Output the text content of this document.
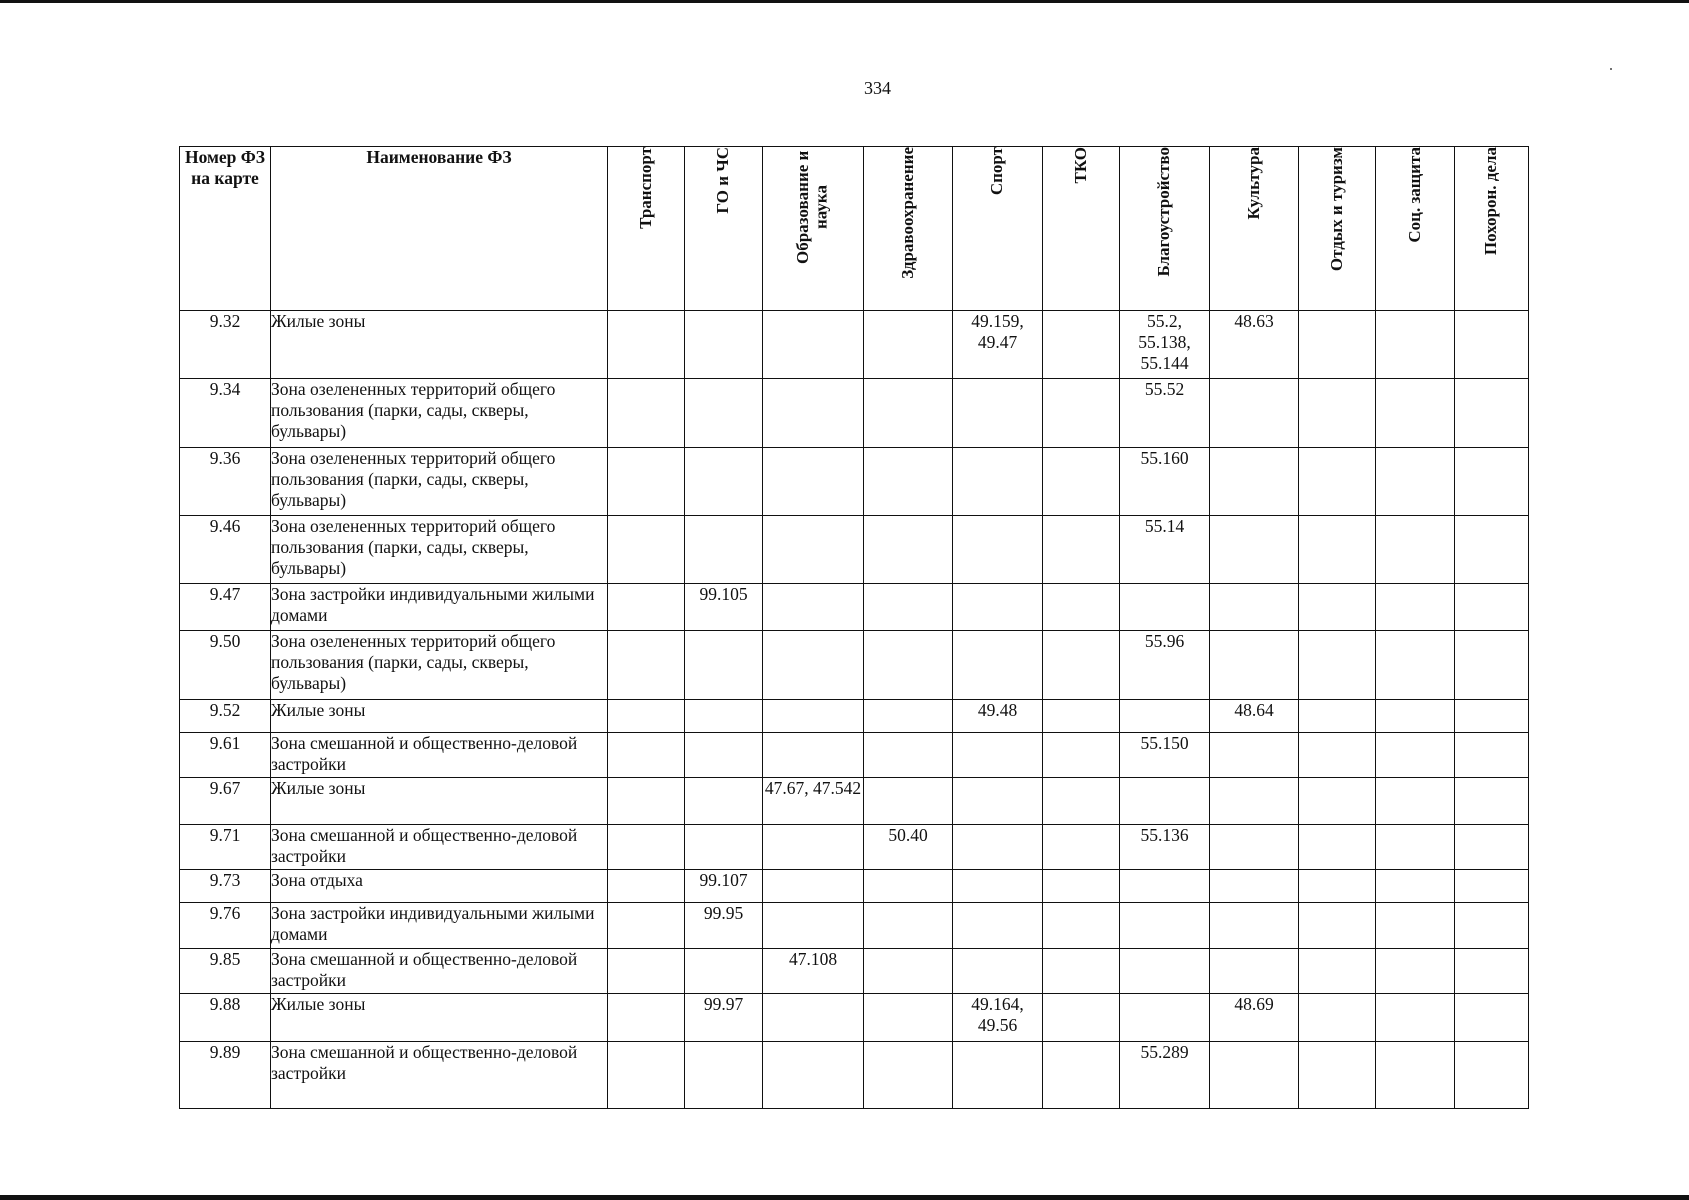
334
Номер ФЗ на карте	Наименование ФЗ	Транспорт	ГО и ЧС	Образование и наука	Здравоохранение	Спорт	ТКО	Благоустройство	Культура	Отдых и туризм	Соц. защита	Похорон. дела

9.32	Жилые зоны					49.159, 49.47		55.2, 55.138, 55.144	48.63			
9.34	Зона озелененных территорий общего пользования (парки, сады, скверы, бульвары)							55.52				
9.36	Зона озелененных территорий общего пользования (парки, сады, скверы, бульвары)							55.160				
9.46	Зона озелененных территорий общего пользования (парки, сады, скверы, бульвары)							55.14				
9.47	Зона застройки индивидуальными жилыми домами		99.105									
9.50	Зона озелененных территорий общего пользования (парки, сады, скверы, бульвары)							55.96				
9.52	Жилые зоны					49.48			48.64			
9.61	Зона смешанной и общественно-деловой застройки							55.150				
9.67	Жилые зоны			47.67, 47.542								
9.71	Зона смешанной и общественно-деловой застройки				50.40			55.136				
9.73	Зона отдыха		99.107									
9.76	Зона застройки индивидуальными жилыми домами		99.95									
9.85	Зона смешанной и общественно-деловой застройки			47.108								
9.88	Жилые зоны		99.97			49.164, 49.56			48.69			
9.89	Зона смешанной и общественно-деловой застройки							55.289				
